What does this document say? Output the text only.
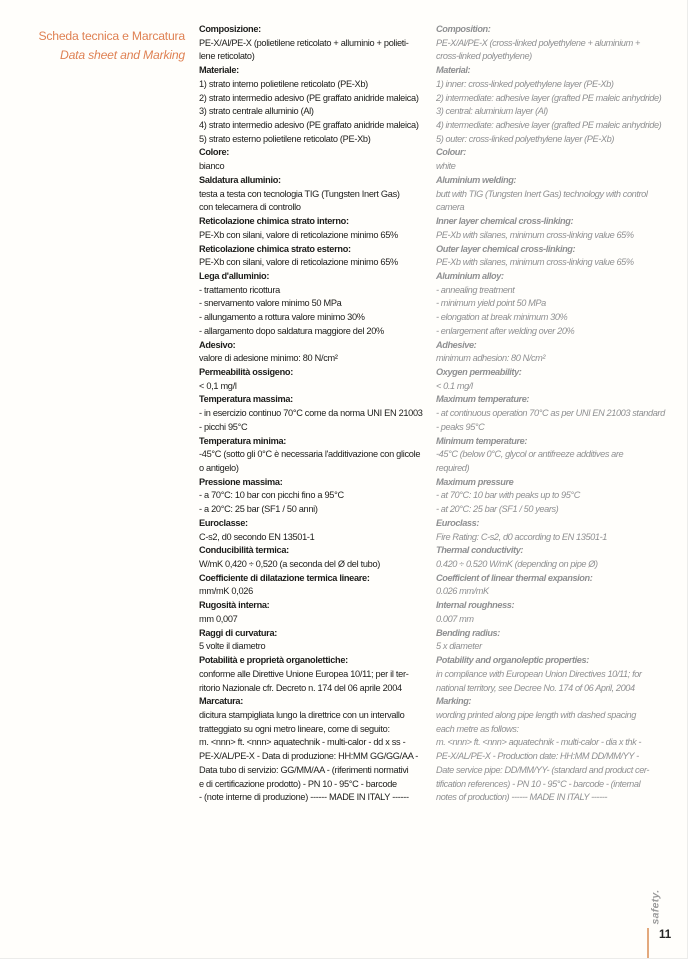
Scheda tecnica e Marcatura
Data sheet and Marking
Composizione:
PE-X/Al/PE-X (polietilene reticolato + alluminio + polieti-
lene reticolato)
Materiale:
1) strato interno polietilene reticolato (PE-Xb)
2) strato intermedio adesivo (PE graffato anidride maleica)
3) strato centrale alluminio (Al)
4) strato intermedio adesivo (PE graffato anidride maleica)
5) strato esterno polietilene reticolato (PE-Xb)
Colore:
bianco
Saldatura alluminio:
testa a testa con tecnologia TIG (Tungsten Inert Gas)
con telecamera di controllo
Reticolazione chimica strato interno:
PE-Xb con silani, valore di reticolazione minimo 65%
Reticolazione chimica strato esterno:
PE-Xb con silani, valore di reticolazione minimo 65%
Lega d'alluminio:
- trattamento ricottura
- snervamento valore minimo 50 MPa
- allungamento a rottura valore minimo 30%
- allargamento dopo saldatura maggiore del 20%
Adesivo:
valore di adesione minimo: 80 N/cm²
Permeabilità ossigeno:
< 0,1 mg/l
Temperatura massima:
- in esercizio continuo 70°C come da norma UNI EN 21003
- picchi 95°C
Temperatura minima:
-45°C (sotto gli 0°C è necessaria l'additivazione con glicole
o antigelo)
Pressione massima:
- a 70°C: 10 bar con picchi fino a 95°C
- a 20°C: 25 bar (SF1 / 50 anni)
Euroclasse:
C-s2, d0 secondo EN 13501-1
Conducibilità termica:
W/mK 0,420 ÷ 0,520 (a seconda del Ø del tubo)
Coefficiente di dilatazione termica lineare:
mm/mK 0,026
Rugosità interna:
mm 0,007
Raggi di curvatura:
5 volte il diametro
Potabilità e proprietà organolettiche:
conforme alle Direttive Unione Europea 10/11; per il ter-
ritorio Nazionale cfr. Decreto n. 174 del 06 aprile 2004
Marcatura:
dicitura stampigliata lungo la direttrice con un intervallo
tratteggiato su ogni metro lineare, come di seguito:
m. <nnn> ft. <nnn> aquatechnik - multi-calor - dd x ss -
PE-X/AL/PE-X - Data di produzione: HH:MM GG/GG/AA -
Data tubo di servizio: GG/MM/AA - (riferimenti normativi
e di certificazione prodotto) - PN 10 - 95°C - barcode
- (note interne di produzione) ------ MADE IN ITALY ------
Composition:
PE-X/Al/PE-X (cross-linked polyethylene + aluminium +
cross-linked polyethylene)
Material:
1) inner: cross-linked polyethylene layer (PE-Xb)
2) intermediate: adhesive layer (grafted PE maleic anhydride)
3) central: aluminium layer (Al)
4) intermediate: adhesive layer (grafted PE maleic anhydride)
5) outer: cross-linked polyethylene layer (PE-Xb)
Colour:
white
Aluminium welding:
butt with TIG (Tungsten Inert Gas) technology with control
camera
Inner layer chemical cross-linking:
PE-Xb with silanes, minimum cross-linking value 65%
Outer layer chemical cross-linking:
PE-Xb with silanes, minimum cross-linking value 65%
Aluminium alloy:
- annealing treatment
- minimum yield point 50 MPa
- elongation at break minimum 30%
- enlargement after welding over 20%
Adhesive:
minimum adhesion: 80 N/cm²
Oxygen permeability:
< 0.1 mg/l
Maximum temperature:
- at continuous operation 70°C as per UNI EN 21003 standard
- peaks 95°C
Minimum temperature:
-45°C (below 0°C, glycol or antifreeze additives are
required)
Maximum pressure
- at 70°C: 10 bar with peaks up to 95°C
- at 20°C: 25 bar (SF1 / 50 years)
Euroclass:
Fire Rating: C-s2, d0 according to EN 13501-1
Thermal conductivity:
0.420 ÷ 0.520 W/mK (depending on pipe Ø)
Coefficient of linear thermal expansion:
0.026 mm/mK
Internal roughness:
0.007 mm
Bending radius:
5 x diameter
Potability and organoleptic properties:
in compliance with European Union Directives 10/11; for
national territory, see Decree No. 174 of 06 April, 2004
Marking:
wording printed along pipe length with dashed spacing
each metre as follows:
m. <nnn> ft. <nnn> aquatechnik - multi-calor - dia x thk -
PE-X/AL/PE-X - Production date: HH:MM DD/MM/YY -
Date service pipe: DD/MM/YY- (standard and product cer-
tification references) - PN 10 - 95°C - barcode - (internal
notes of production) ------ MADE IN ITALY ------
safety.
11
